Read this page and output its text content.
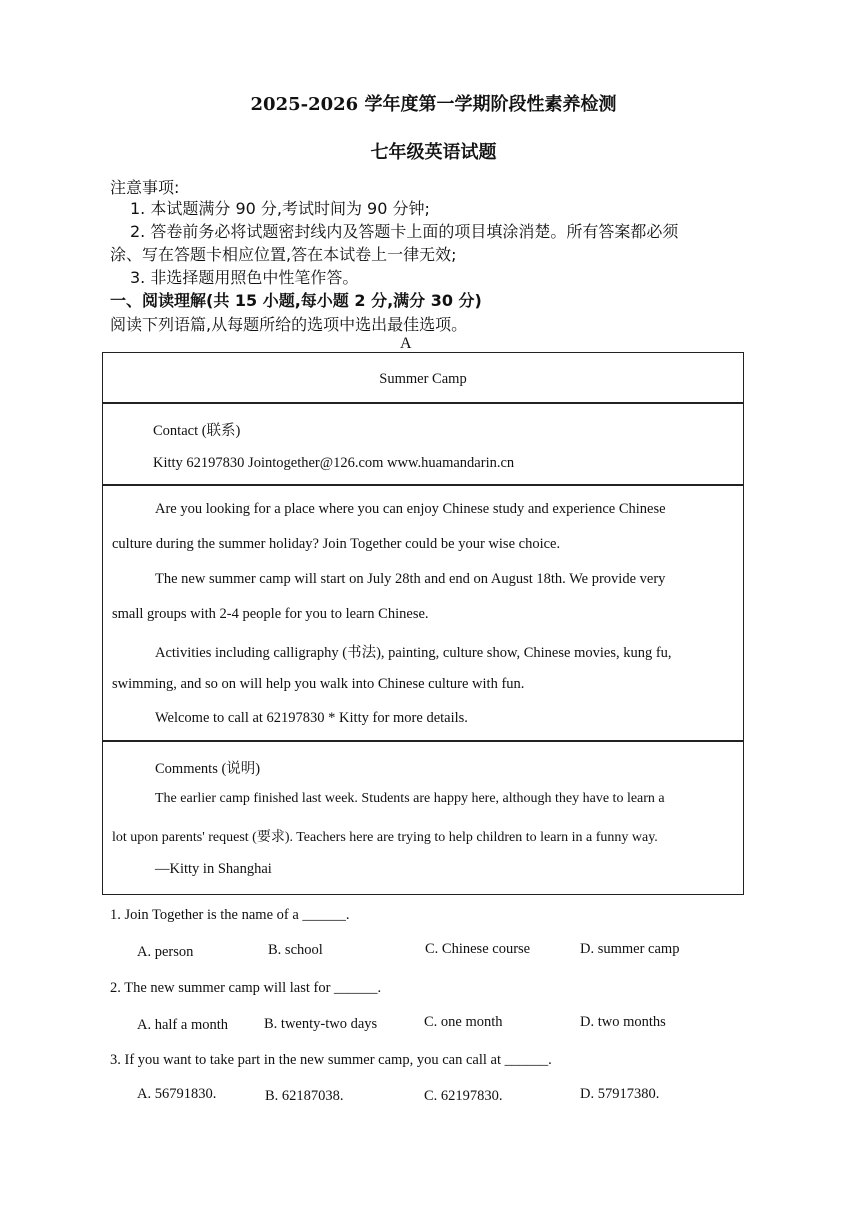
2025-2026 学年度第一学期阶段性素养检测
七年级英语试题
注意事项:
1. 本试题满分 90 分,考试时间为 90 分钟;
2. 答卷前务必将试题密封线内及答题卡上面的项目填涂消楚。所有答案都必须
涂、写在答题卡相应位置,答在本试卷上一律无效;
3. 非选择题用照色中性笔作答。
一、阅读理解(共 15 小题,每小题 2 分,满分 30 分)
阅读下列语篇,从每题所给的选项中选出最佳选项。
A
Summer Camp
Contact (联系)
Kitty 62197830 Jointogether@126.com www.huamandarin.cn
Are you looking for a place where you can enjoy Chinese study and experience Chinese
culture during the summer holiday? Join Together could be your wise choice.
The new summer camp will start on July 28th and end on August 18th. We provide very
small groups with 2-4 people for you to learn Chinese.
Activities including calligraphy (书法), painting, culture show, Chinese movies, kung fu,
swimming, and so on will help you walk into Chinese culture with fun.
Welcome to call at 62197830 * Kitty for more details.
Comments (说明)
The earlier camp finished last week. Students are happy here, although they have to learn a
lot upon parents' request (要求). Teachers here are trying to help children to learn in a funny way.
—Kitty in Shanghai
1. Join Together is the name of a ______.
A. person	B. school	C. Chinese course	D. summer camp
2. The new summer camp will last for ______.
A. half a month B. twenty-two days	C. one month	D. two months
3. If you want to take part in the new summer camp, you can call at ______.
A. 56791830.	B. 62187038.	C. 62197830.	D. 57917380.
